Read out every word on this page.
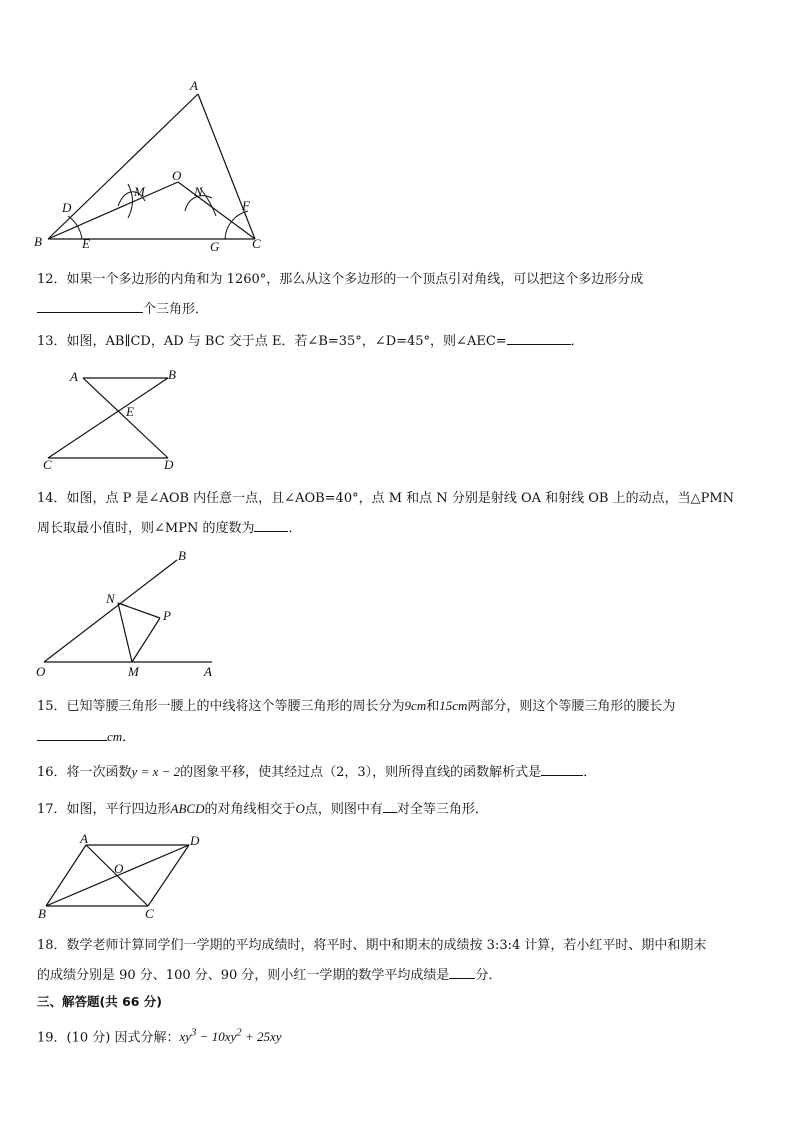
A
B	C
D
E
F
G
M	N
O
12．如果一个多边形的内角和为 1260°，那么从这个多边形的一个顶点引对角线，可以把这个多边形分成
个三角形．
13．如图，AB∥CD，AD 与 BC 交于点 E．若∠B=35°，∠D=45°，则∠AEC=	．
A	B
C	D
E
14．如图，点 P 是∠AOB 内任意一点，且∠AOB=40°，点 M 和点 N 分别是射线 OA 和射线 OB 上的动点，当△PMN
周长取最小值时，则∠MPN 的度数为	．
O	A
B
N
M
P
15．已知等腰三角形一腰上的中线将这个等腰三角形的周长分为9cm和15cm两部分，则这个等腰三角形的腰长为
cm．
16．将一次函数y = x − 2的图象平移，使其经过点（2，3），则所得直线的函数解析式是	．
17．如图，平行四边形ABCD的对角线相交于O点，则图中有 对全等三角形．
A
B	C
D
O
18．数学老师计算同学们一学期的平均成绩时，将平时、期中和期末的成绩按 3:3:4 计算，若小红平时、期中和期末
的成绩分别是 90 分、100 分、90 分，则小红一学期的数学平均成绩是 分．
三、解答题(共 66 分)
19．(10 分) 因式分解：$xy^3 - 10xy^2 + 25xy$
